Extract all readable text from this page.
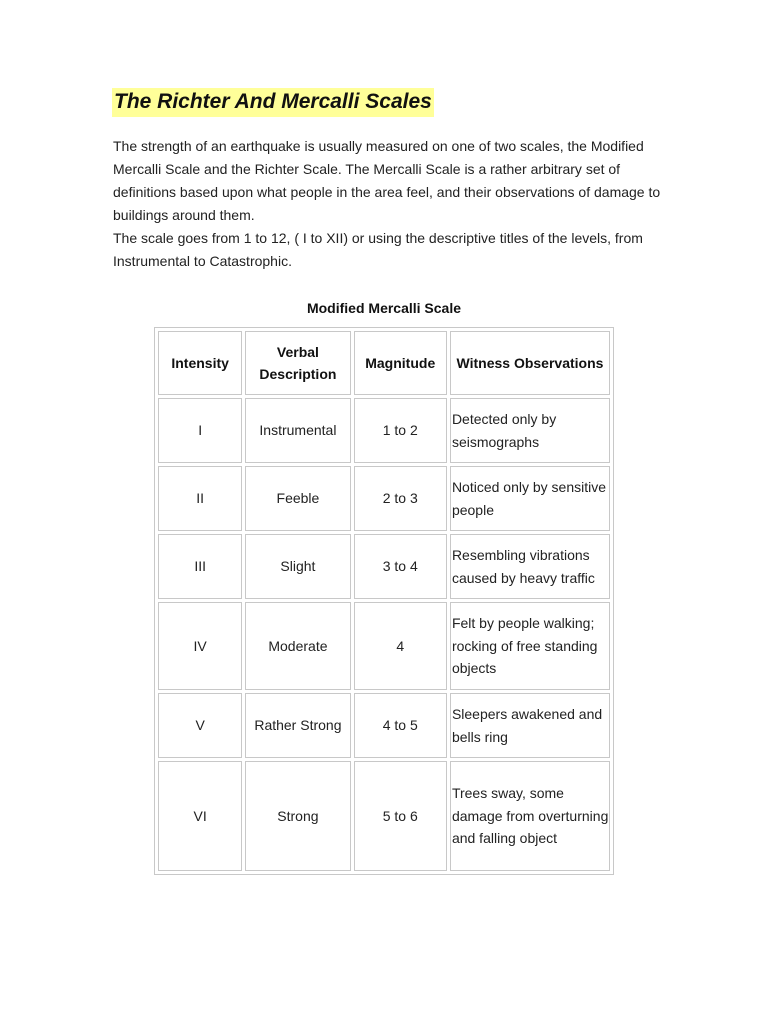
The Richter And Mercalli Scales

The strength of an earthquake is usually measured on one of two scales, the Modified Mercalli Scale and the Richter Scale. The Mercalli Scale is a rather arbitrary set of definitions based upon what people in the area feel, and their observations of damage to buildings around them.

The scale goes from 1 to 12, ( I to XII) or using the descriptive titles of the levels, from Instrumental to Catastrophic.

Modified Mercalli Scale
Intensity	Verbal Description	Magnitude	Witness Observations
I	Instrumental	1 to 2	Detected only by seismographs
II	Feeble	2 to 3	Noticed only by sensitive people
III	Slight	3 to 4	Resembling vibrations caused by heavy traffic
IV	Moderate	4	Felt by people walking; rocking of free standing objects
V	Rather Strong	4 to 5	Sleepers awakened and bells ring
VI	Strong	5 to 6	Trees sway, some damage from overturning and falling object
